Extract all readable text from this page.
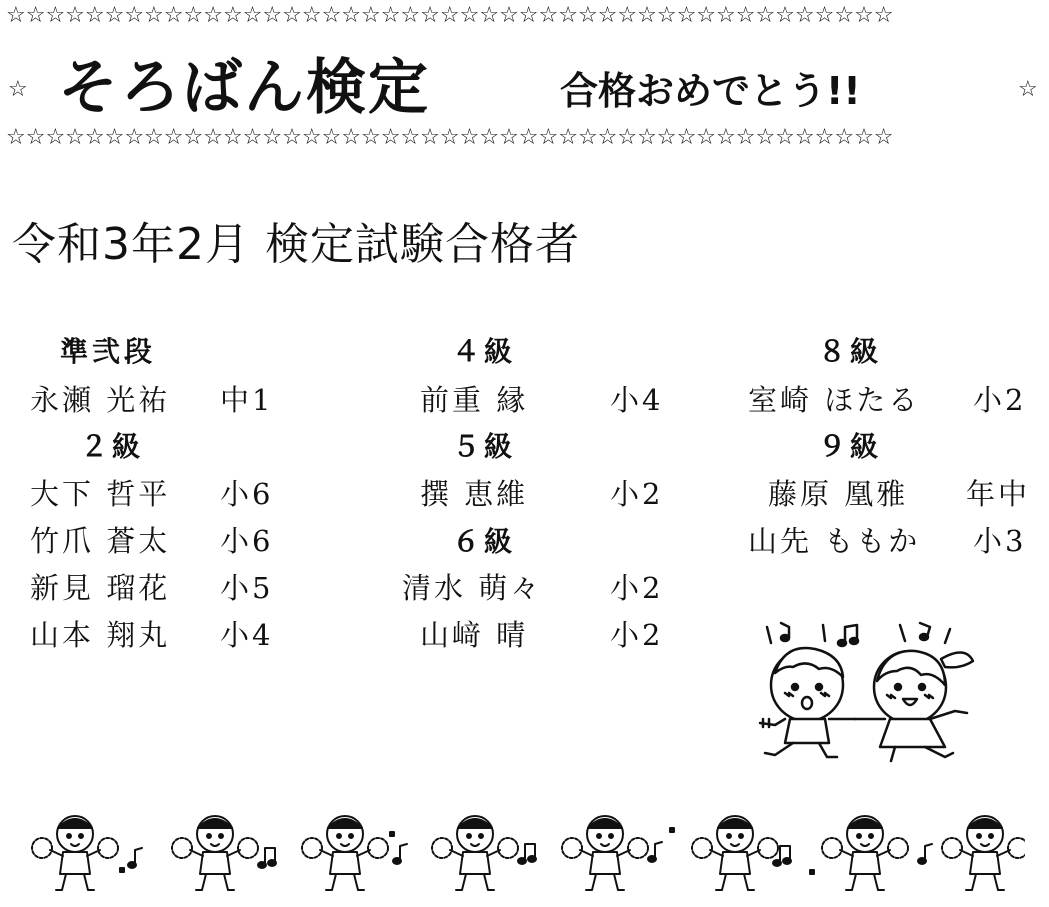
☆☆☆☆☆☆☆☆☆☆☆☆☆☆☆☆☆☆☆☆☆☆☆☆☆☆☆☆☆☆☆☆☆☆☆☆☆☆☆☆☆☆☆☆☆
☆ そろばん検定	合格おめでとう!!	☆
☆☆☆☆☆☆☆☆☆☆☆☆☆☆☆☆☆☆☆☆☆☆☆☆☆☆☆☆☆☆☆☆☆☆☆☆☆☆☆☆☆☆☆☆☆
令和3年2月 検定試験合格者
準弐段
永瀬 光祐 中1
２級
大下 哲平 小6
竹爪 蒼太 小6
新見 瑠花 小5
山本 翔丸 小4
４級
前重 縁	小4
５級
撰 恵維	小2
６級
清水 萌々 小2
山﨑 晴	小2
８級
室崎 ほたる 小2
９級
藤原 凰雅 年中
山先 ももか 小3
